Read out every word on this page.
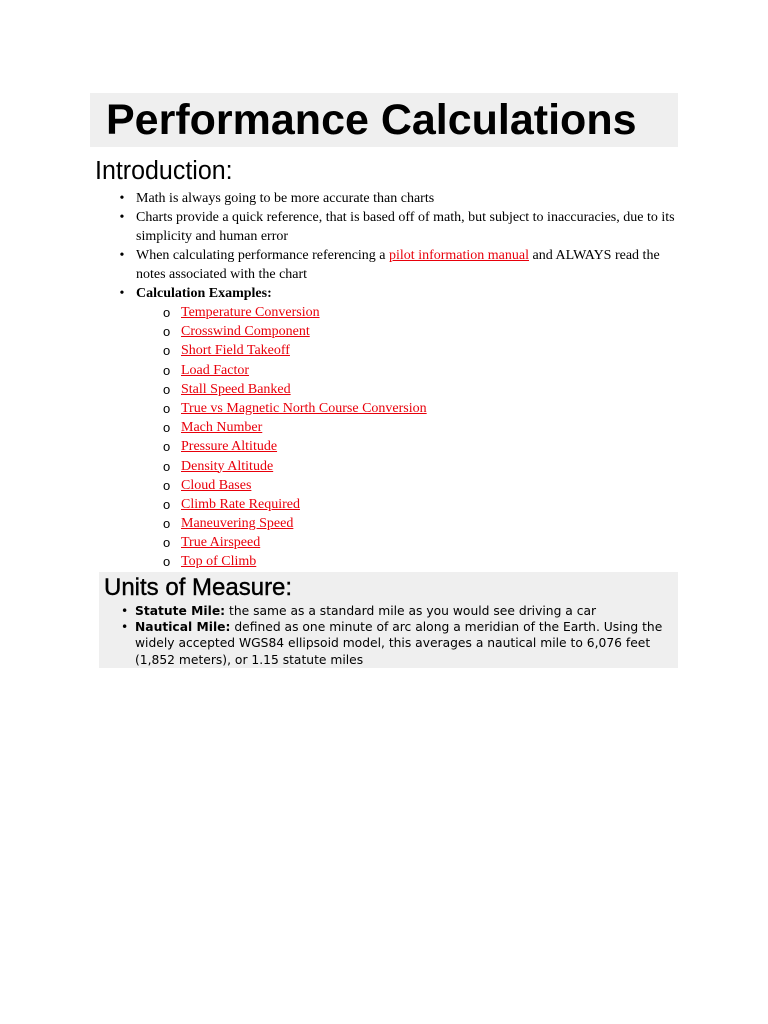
Performance Calculations
Introduction:
• Math is always going to be more accurate than charts
• Charts provide a quick reference, that is based off of math, but subject to inaccuracies, due to its simplicity and human error
• When calculating performance referencing a pilot information manual and ALWAYS read the notes associated with the chart
• Calculation Examples:
o Temperature Conversion
o Crosswind Component
o Short Field Takeoff
o Load Factor
o Stall Speed Banked
o True vs Magnetic North Course Conversion
o Mach Number
o Pressure Altitude
o Density Altitude
o Cloud Bases
o Climb Rate Required
o Maneuvering Speed
o True Airspeed
o Top of Climb
Units of Measure:
• Statute Mile: the same as a standard mile as you would see driving a car
• Nautical Mile: defined as one minute of arc along a meridian of the Earth. Using the widely accepted WGS84 ellipsoid model, this averages a nautical mile to 6,076 feet (1,852 meters), or 1.15 statute miles
